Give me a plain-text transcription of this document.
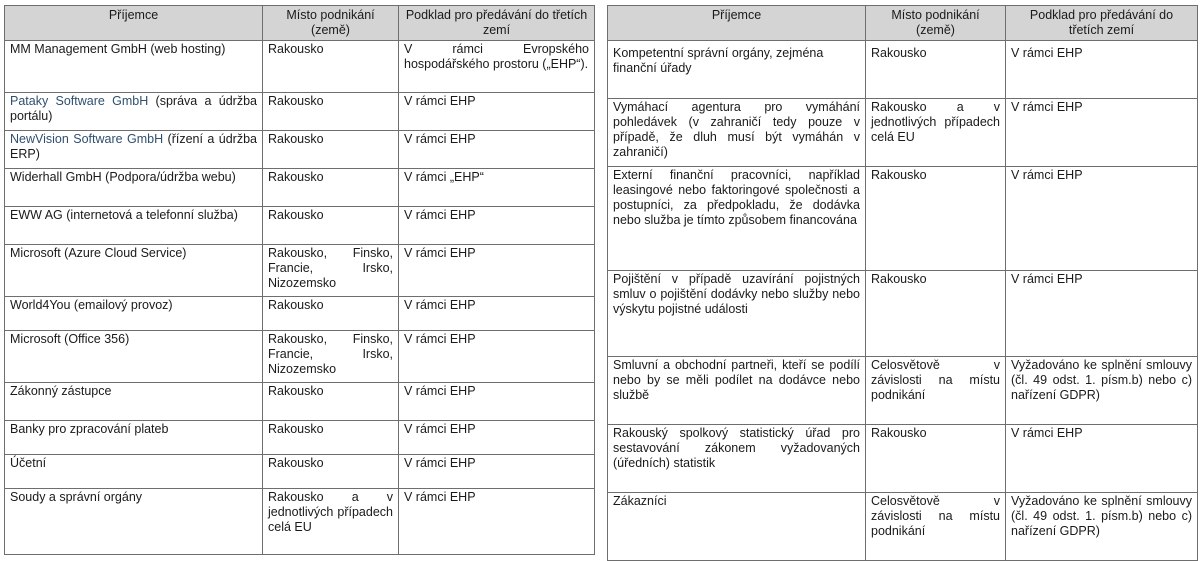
Příjemce	Místo podnikání (země)	Podklad pro předávání do třetích zemí
MM Management GmbH (web hosting)	Rakousko	V rámci Evropského hospodářského prostoru („EHP“).
Pataky Software GmbH (správa a údržba portálu)	Rakousko	V rámci EHP
NewVision Software GmbH (řízení a údržba ERP)	Rakousko	V rámci EHP
Widerhall GmbH (Podpora/údržba webu)	Rakousko	V rámci „EHP“
EWW AG (internetová a telefonní služba)	Rakousko	V rámci EHP
Microsoft (Azure Cloud Service)	Rakousko, Finsko, Francie, Irsko, Nizozemsko	V rámci EHP
World4You (emailový provoz)	Rakousko	V rámci EHP
Microsoft (Office 356)	Rakousko, Finsko, Francie, Irsko, Nizozemsko	V rámci EHP
Zákonný zástupce	Rakousko	V rámci EHP
Banky pro zpracování plateb	Rakousko	V rámci EHP
Účetní	Rakousko	V rámci EHP
Soudy a správní orgány	Rakousko a v jednotlivých případech celá EU	V rámci EHP
Příjemce	Místo podnikání (země)	Podklad pro předávání do třetích zemí
Kompetentní správní orgány, zejména finanční úřady	Rakousko	V rámci EHP
Vymáhací agentura pro vymáhání pohledávek (v zahraničí tedy pouze v případě, že dluh musí být vymáhán v zahraničí)	Rakousko a v jednotlivých případech celá EU	V rámci EHP
Externí finanční pracovníci, například leasingové nebo faktoringové společnosti a postupníci, za předpokladu, že dodávka nebo služba je tímto způsobem financována	Rakousko	V rámci EHP
Pojištění v případě uzavírání pojistných smluv o pojištění dodávky nebo služby nebo výskytu pojistné události	Rakousko	V rámci EHP
Smluvní a obchodní partneři, kteří se podílí nebo by se měli podílet na dodávce nebo službě	Celosvětově v závislosti na místu podnikání	Vyžadováno ke splnění smlouvy (čl. 49 odst. 1. písm.b) nebo c) nařízení GDPR)
Rakouský spolkový statistický úřad pro sestavování zákonem vyžadovaných (úředních) statistik	Rakousko	V rámci EHP
Zákazníci	Celosvětově v závislosti na místu podnikání	Vyžadováno ke splnění smlouvy (čl. 49 odst. 1. písm.b) nebo c) nařízení GDPR)
